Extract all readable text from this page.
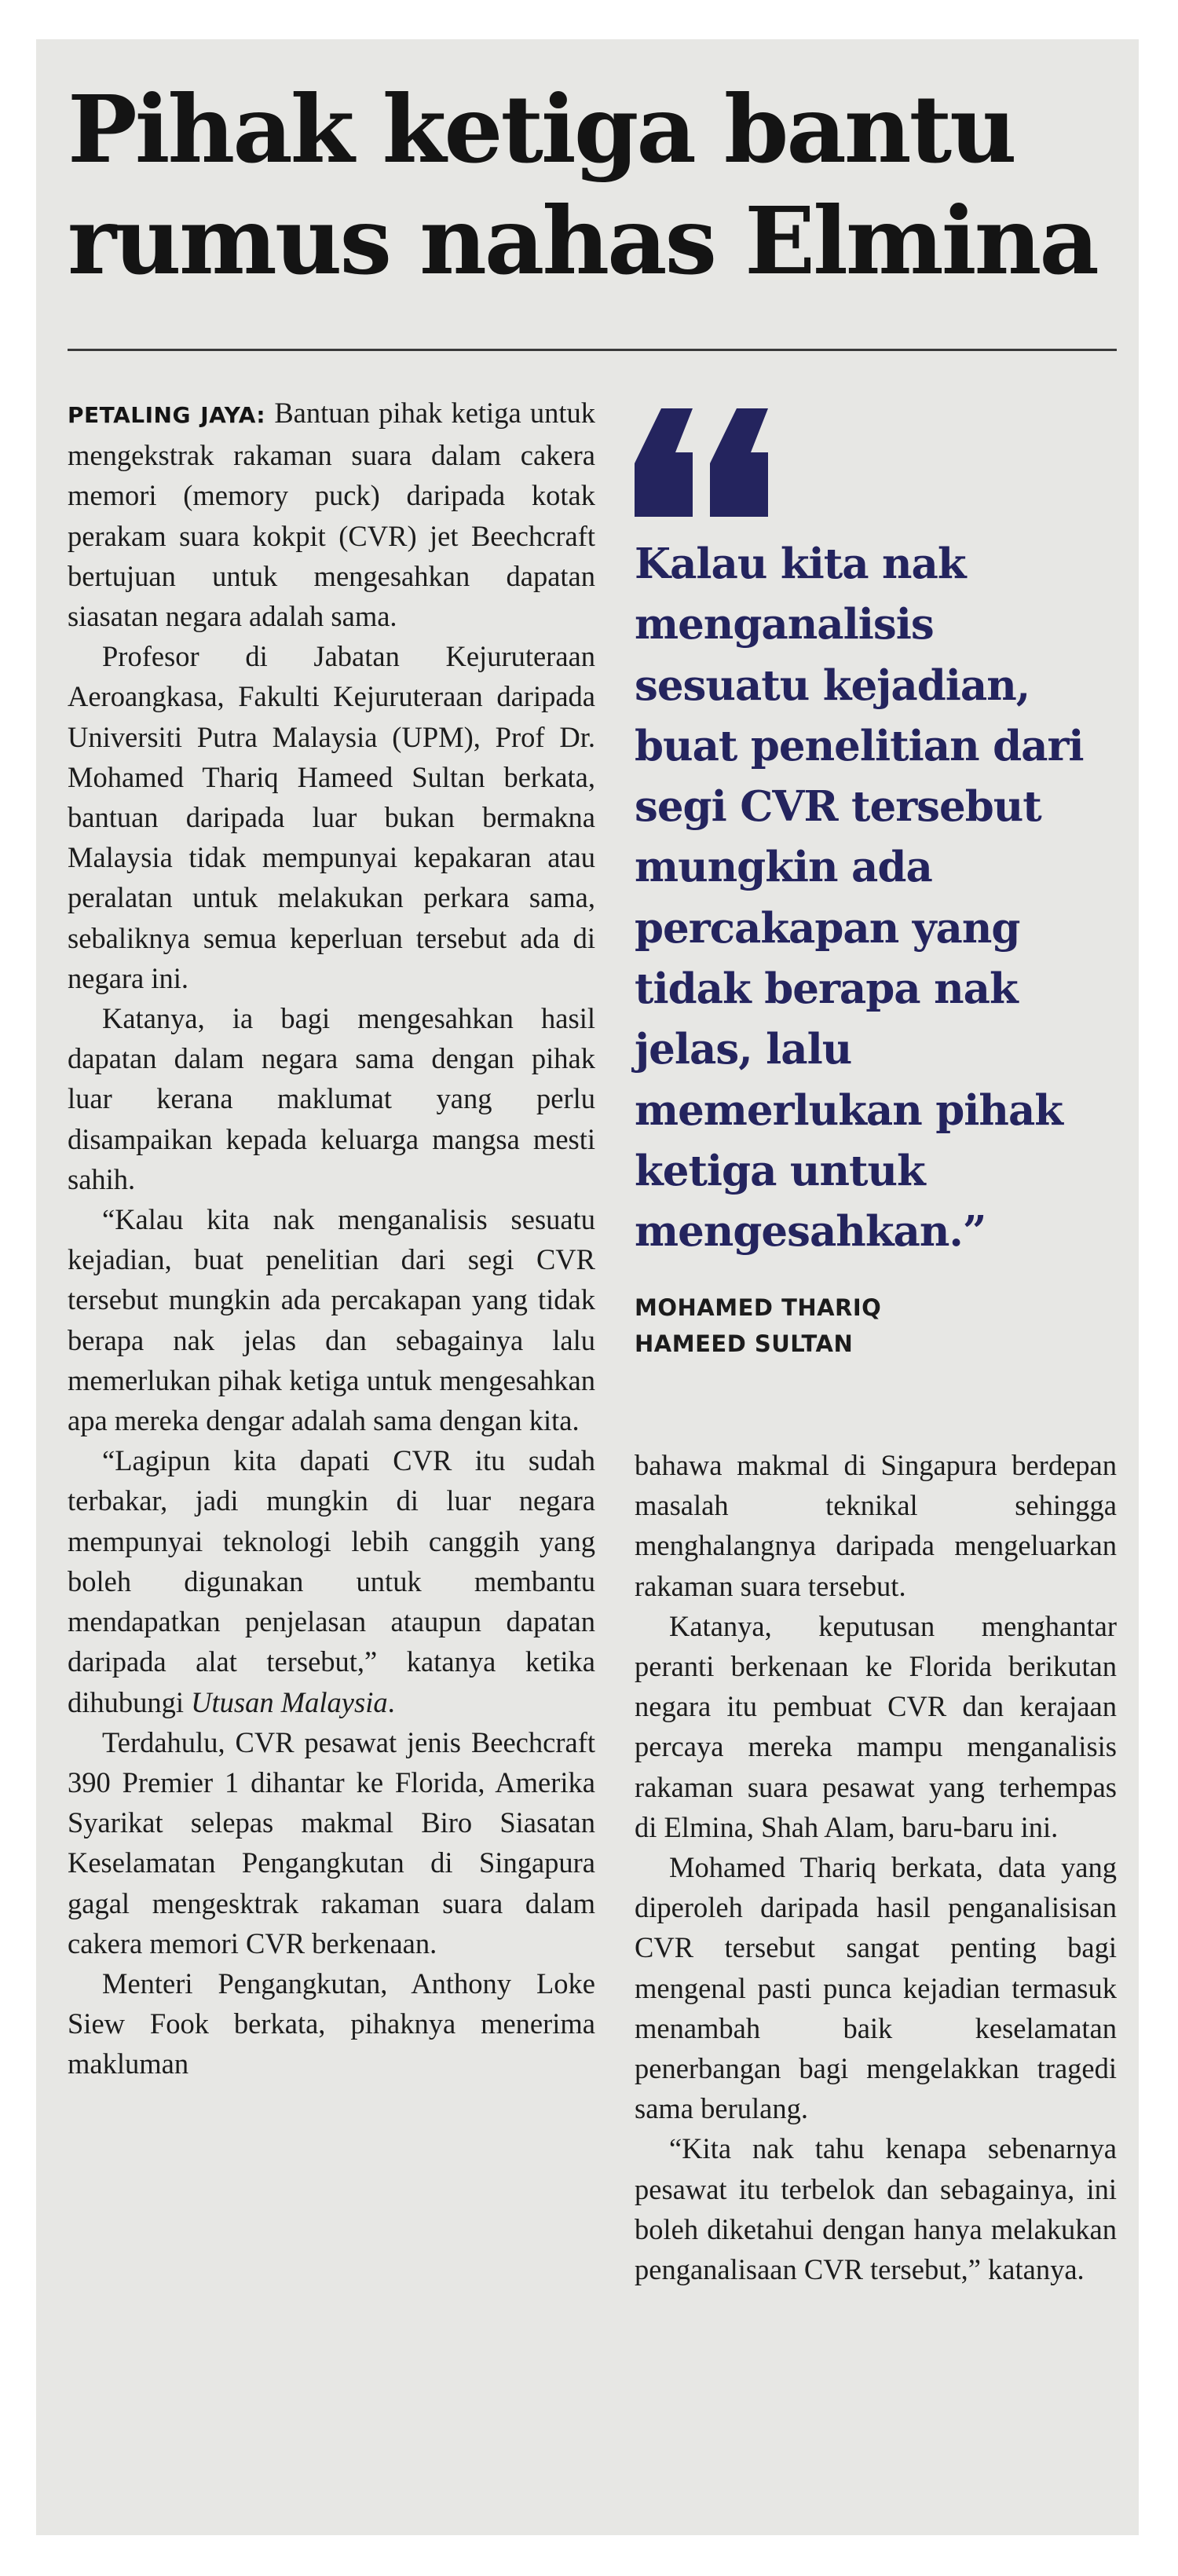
Pihak ketiga bantu
rumus nahas Elmina

PETALING JAYA: Bantuan pihak ketiga untuk mengekstrak rakaman suara dalam cakera memori (memory puck) daripada kotak perakam suara kokpit (CVR) jet Beechcraft bertujuan untuk mengesahkan dapatan siasatan negara adalah sama.

Profesor di Jabatan Kejuruteraan Aeroangkasa, Fakulti Kejuruteraan daripada Universiti Putra Malaysia (UPM), Prof Dr. Mohamed Thariq Hameed Sultan berkata, bantuan daripada luar bukan bermakna Malaysia tidak mempunyai kepakaran atau peralatan untuk melakukan perkara sama, sebaliknya semua keperluan tersebut ada di negara ini.

Katanya, ia bagi mengesahkan hasil dapatan dalam negara sama dengan pihak luar kerana maklumat yang perlu disampaikan kepada keluarga mangsa mesti sahih.

“Kalau kita nak menganalisis sesuatu kejadian, buat penelitian dari segi CVR tersebut mungkin ada percakapan yang tidak berapa nak jelas dan sebagainya lalu memerlukan pihak ketiga untuk mengesahkan apa mereka dengar adalah sama dengan kita.

“Lagipun kita dapati CVR itu sudah terbakar, jadi mungkin di luar negara mempunyai teknologi lebih canggih yang boleh digunakan untuk membantu mendapatkan penjelasan ataupun dapatan daripada alat tersebut,” katanya ketika dihubungi Utusan Malaysia.

Terdahulu, CVR pesawat jenis Beechcraft 390 Premier 1 dihantar ke Florida, Amerika Syarikat selepas makmal Biro Siasatan Keselamatan Pengangkutan di Singapura gagal mengesktrak rakaman suara dalam cakera memori CVR berkenaan.

Menteri Pengangkutan, Anthony Loke Siew Fook berkata, pihaknya menerima makluman

Kalau kita nak menganalisis sesuatu kejadian, buat penelitian dari segi CVR tersebut mungkin ada percakapan yang tidak berapa nak jelas, lalu memerlukan pihak ketiga untuk mengesahkan.”
MOHAMED THARIQ
HAMEED SULTAN

bahawa makmal di Singapura berdepan masalah teknikal sehingga menghalangnya daripada mengeluarkan rakaman suara tersebut.

Katanya, keputusan menghantar peranti berkenaan ke Florida berikutan negara itu pembuat CVR dan kerajaan percaya mereka mampu menganalisis rakaman suara pesawat yang terhempas di Elmina, Shah Alam, baru-baru ini.

Mohamed Thariq berkata, data yang diperoleh daripada hasil penganalisisan CVR tersebut sangat penting bagi mengenal pasti punca kejadian termasuk menambah baik keselamatan penerbangan bagi mengelakkan tragedi sama berulang.

“Kita nak tahu kenapa sebenarnya pesawat itu terbelok dan sebagainya, ini boleh diketahui dengan hanya melakukan penganalisaan CVR tersebut,” katanya.
